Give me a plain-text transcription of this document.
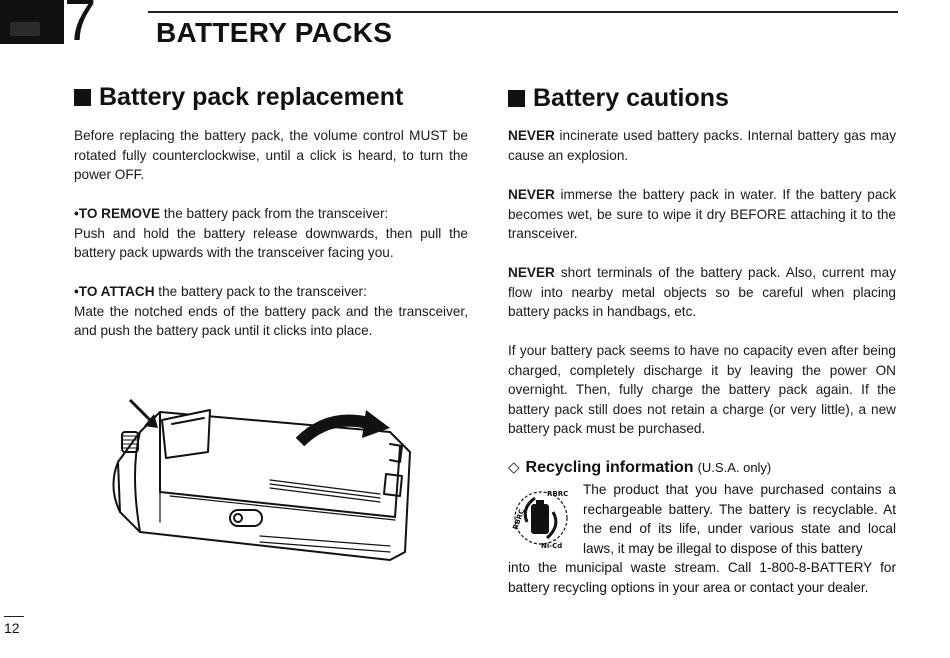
7 BATTERY PACKS
Battery pack replacement

Before replacing the battery pack, the volume control MUST be rotated fully counterclockwise, until a click is heard, to turn the power OFF.

•TO REMOVE the battery pack from the transceiver:
Push and hold the battery release downwards, then pull the battery pack upwards with the transceiver facing you.

•TO ATTACH the battery pack to the transceiver:
Mate the notched ends of the battery pack and the transceiver, and push the battery pack until it clicks into place.

Battery cautions

NEVER incinerate used battery packs. Internal battery gas may cause an explosion.

NEVER immerse the battery pack in water. If the battery pack becomes wet, be sure to wipe it dry BEFORE attaching it to the transceiver.

NEVER short terminals of the battery pack. Also, current may flow into nearby metal objects so be careful when placing battery packs in handbags, etc.

If your battery pack seems to have no capacity even after being charged, completely discharge it by leaving the power ON overnight. Then, fully charge the battery pack again. If the battery pack still does not retain a charge (or very little), a new battery pack must be purchased.

◇ Recycling information (U.S.A. only)
RBRC
RBRC
Ni-Cd

The product that you have purchased contains a rechargeable battery. The battery is recyclable. At the end of its life, under various state and local laws, it may be illegal to dispose of this battery

into the municipal waste stream. Call 1-800-8-BATTERY for battery recycling options in your area or contact your dealer.

12
